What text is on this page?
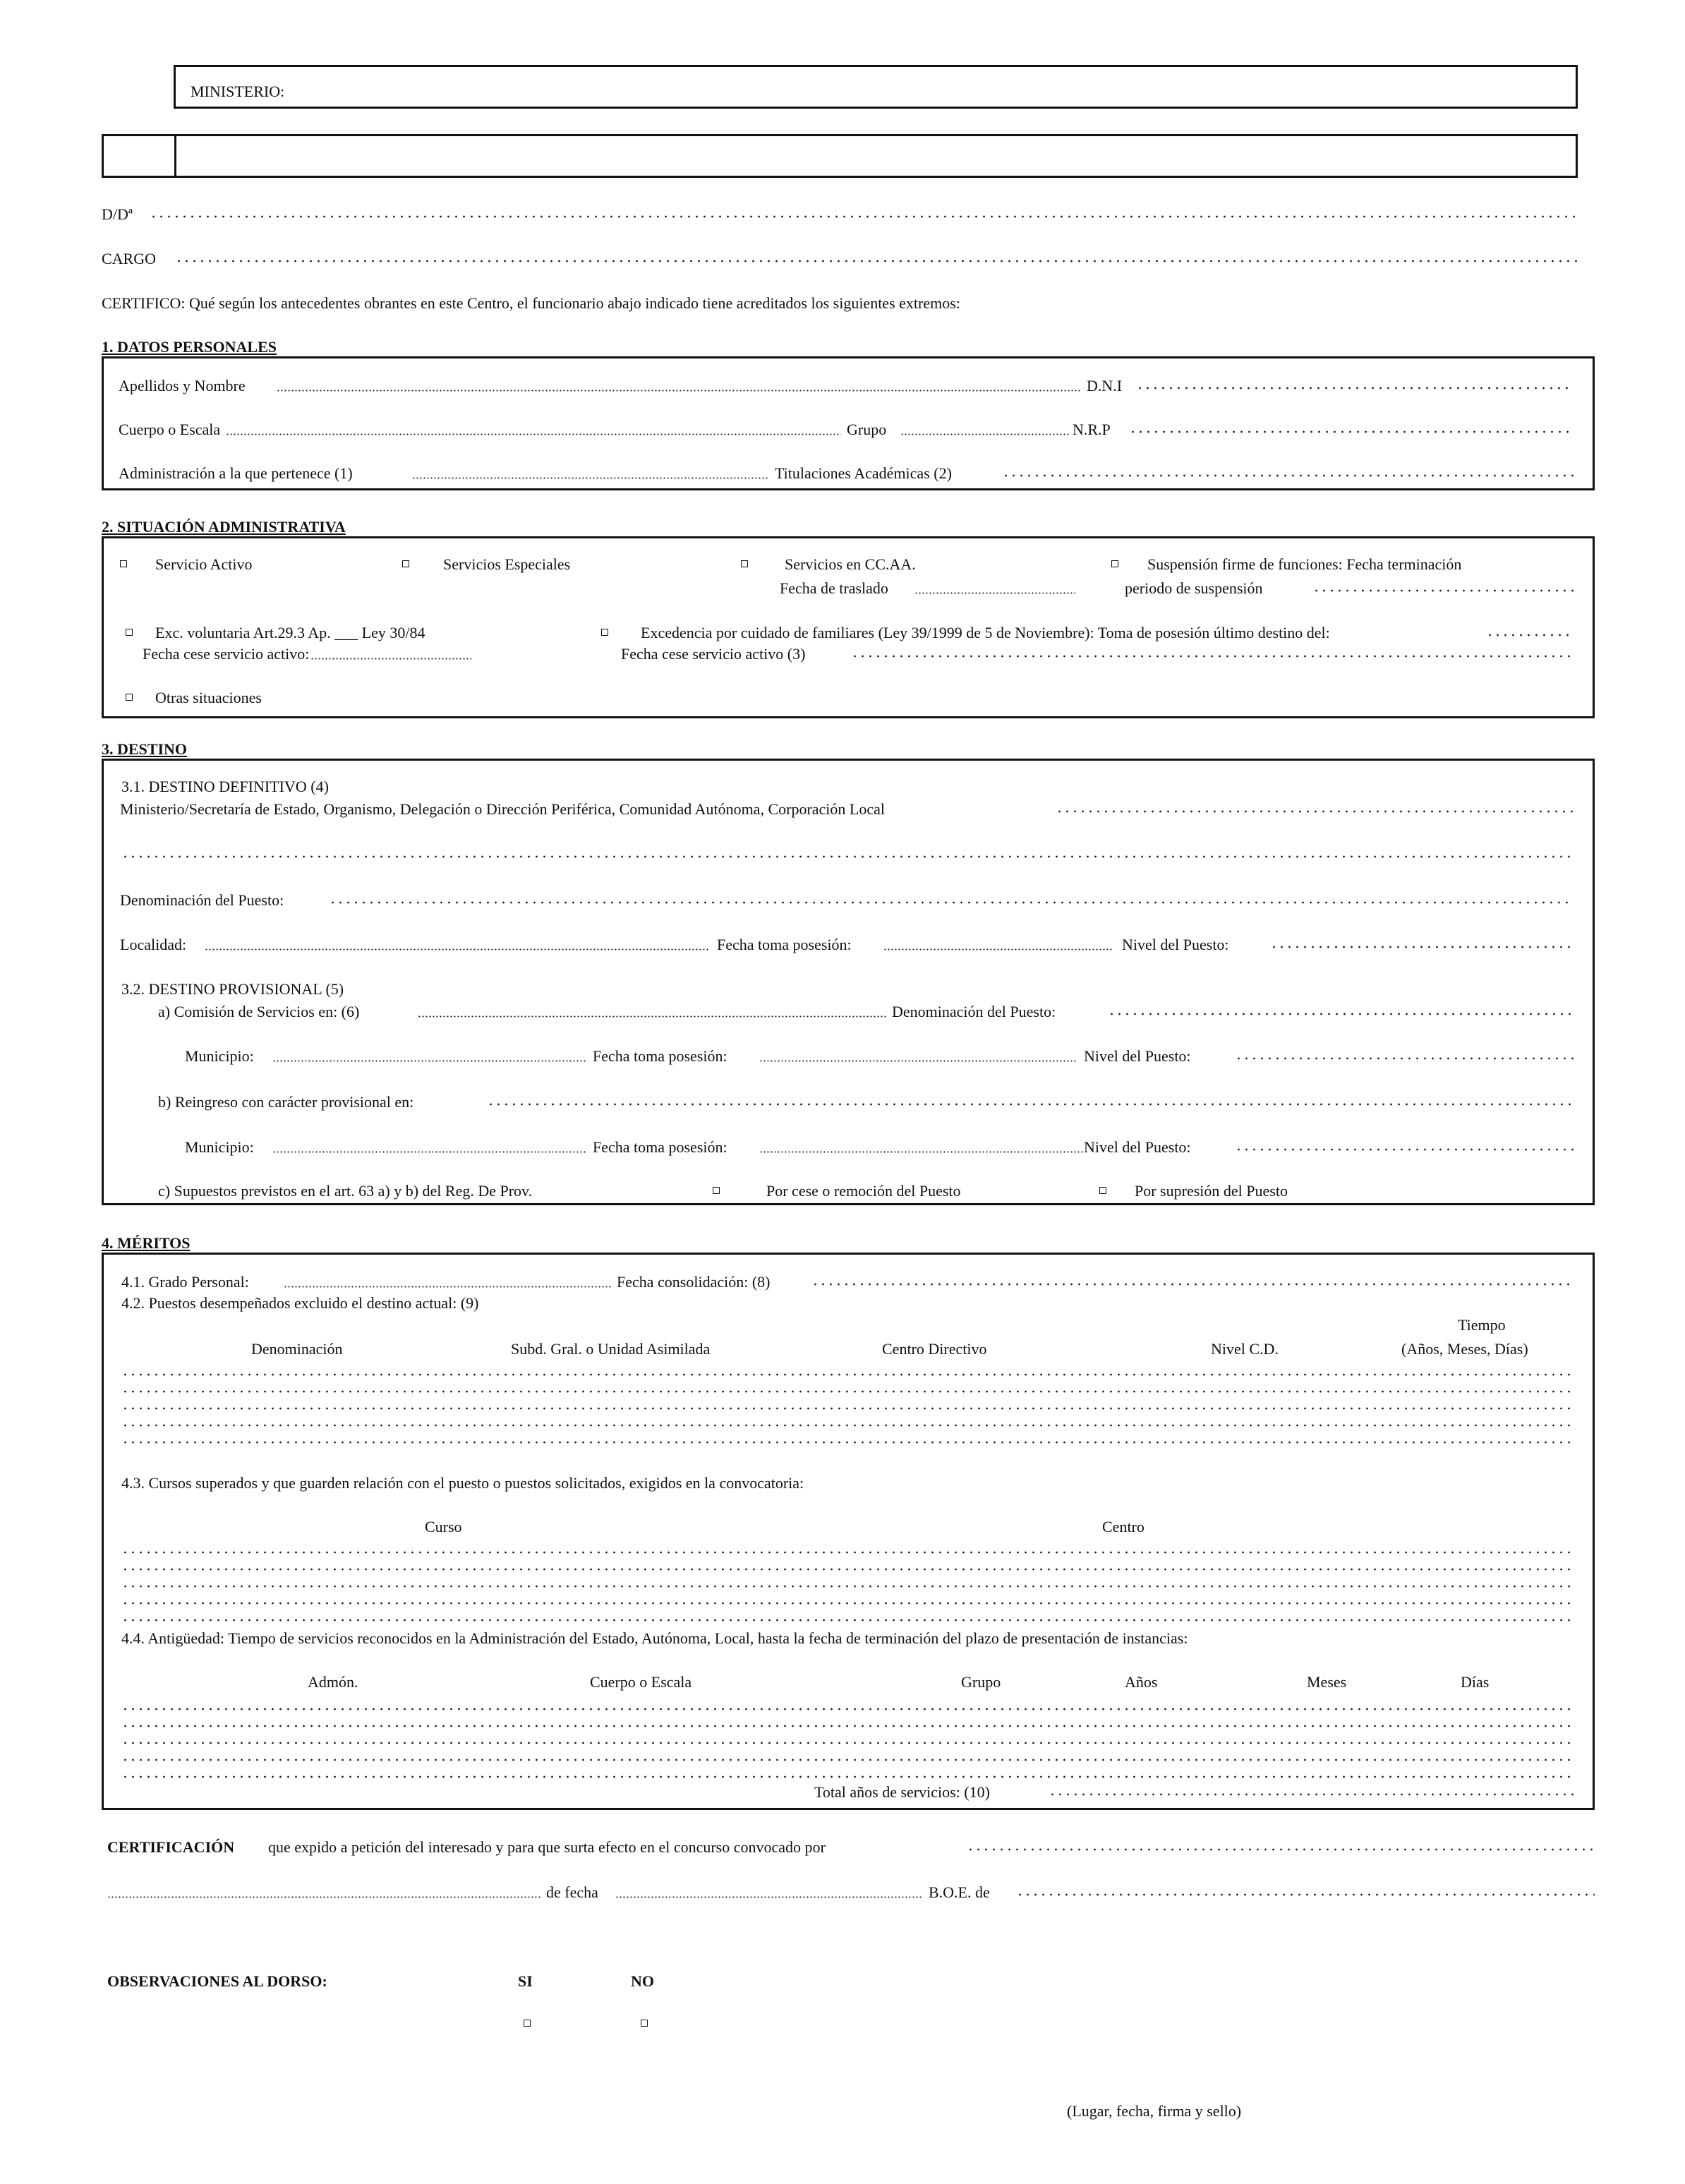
MINISTERIO:
D/Dª
CARGO
CERTIFICO: Qué según los antecedentes obrantes en este Centro, el funcionario abajo indicado tiene acreditados los siguientes extremos:
1. DATOS PERSONALES
Apellidos y Nombre	D.N.I
Cuerpo o Escala	Grupo	N.R.P
Administración a la que pertenece (1)	Titulaciones Académicas (2)
2. SITUACIÓN ADMINISTRATIVA
Servicio Activo	Servicios Especiales	Servicios en CC.AA.
Fecha de traslado
Suspensión firme de funciones: Fecha terminación
periodo de suspensión
Exc. voluntaria Art.29.3 Ap. ___ Ley 30/84
Fecha cese servicio activo:
Excedencia por cuidado de familiares (Ley 39/1999 de 5 de Noviembre): Toma de posesión último destino del:
Fecha cese servicio activo (3)
Otras situaciones
3. DESTINO
3.1. DESTINO DEFINITIVO (4)
Ministerio/Secretaría de Estado, Organismo, Delegación o Dirección Periférica, Comunidad Autónoma, Corporación Local
Denominación del Puesto:
Localidad:	Fecha toma posesión:	Nivel del Puesto:
3.2. DESTINO PROVISIONAL (5)
a) Comisión de Servicios en: (6)	Denominación del Puesto:
Municipio:	Fecha toma posesión:	Nivel del Puesto:
b) Reingreso con carácter provisional en:
Municipio:	Fecha toma posesión:	Nivel del Puesto:
c) Supuestos previstos en el art. 63 a) y b) del Reg. De Prov.	Por cese o remoción del Puesto	Por supresión del Puesto
4. MÉRITOS
4.1. Grado Personal:	Fecha consolidación: (8)
4.2. Puestos desempeñados excluido el destino actual: (9)
Denominación	Subd. Gral. o Unidad Asimilada	Centro Directivo	Nivel C.D.
Tiempo
(Años, Meses, Días)
4.3. Cursos superados y que guarden relación con el puesto o puestos solicitados, exigidos en la convocatoria:
Curso	Centro
4.4. Antigüedad: Tiempo de servicios reconocidos en la Administración del Estado, Autónoma, Local, hasta la fecha de terminación del plazo de presentación de instancias:
Admón.	Cuerpo o Escala	Grupo	Años	Meses	Días
Total años de servicios: (10)
CERTIFICACIÓN que expido a petición del interesado y para que surta efecto en el concurso convocado por
de fecha	B.O.E. de
OBSERVACIONES AL DORSO:	SI	NO
(Lugar, fecha, firma y sello)
